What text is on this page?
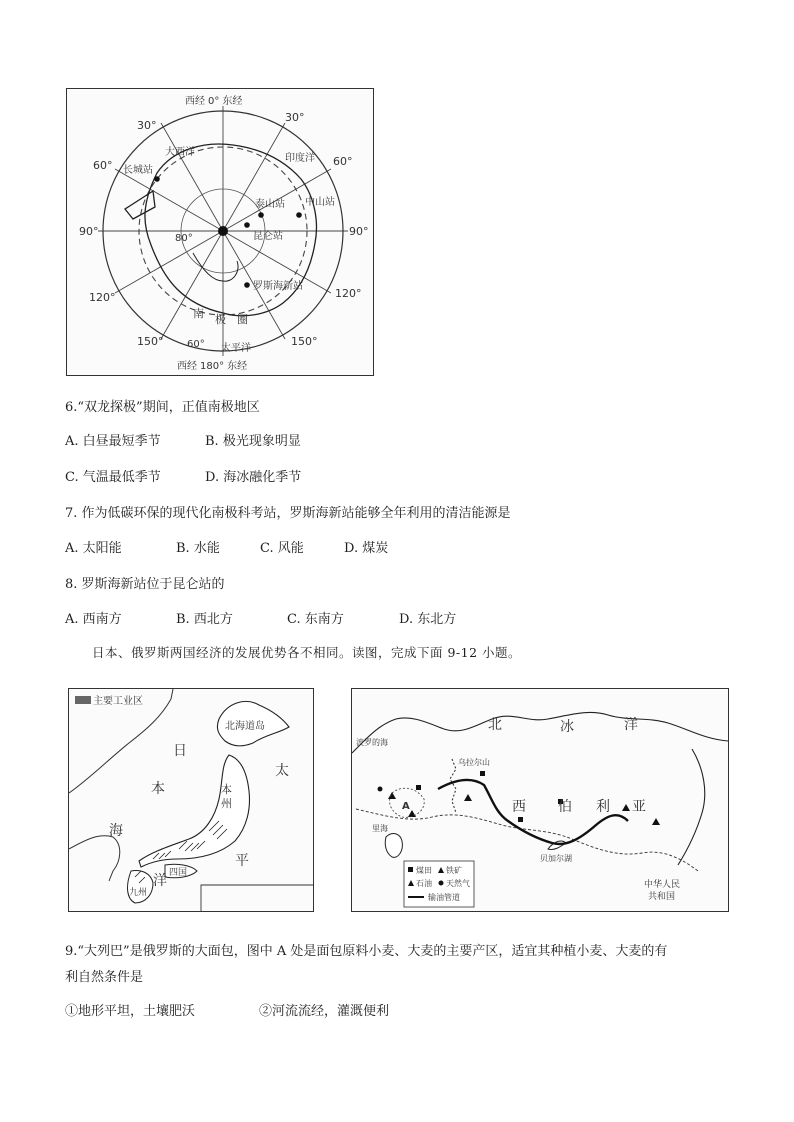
西经 0° 东经
西经 180° 东经
30°
30°
60°	60°
90°	90°
120°	120°
150°	150°
80°
60°
大西洋
印度洋
太平洋
长城站
泰山站 中山站
昆仑站
罗斯海新站
南 极 圈
6.“双龙探极”期间，正值南极地区
A. 白昼最短季节	B. 极光现象明显
C. 气温最低季节	D. 海冰融化季节
7. 作为低碳环保的现代化南极科考站，罗斯海新站能够全年利用的清洁能源是
A. 太阳能	B. 水能	C. 风能	D. 煤炭
8. 罗斯海新站位于昆仑站的
A. 西南方	B. 西北方	C. 东南方	D. 东北方
日本、俄罗斯两国经济的发展优势各不相同。读图，完成下面 9-12 小题。
主要工业区
日
本
海
太
平
洋
北海道岛
本
州
四国
九州
煤田 铁矿
石油 天然气
输油管道
北	冰	洋
西 伯 利 亚
波罗的海
里海
乌拉尔山
贝加尔湖
中华人民
共和国
A
9.“大列巴”是俄罗斯的大面包，图中 A 处是面包原料小麦、大麦的主要产区，适宜其种植小麦、大麦的有
利自然条件是
①地形平坦，土壤肥沃	②河流流经，灌溉便利
